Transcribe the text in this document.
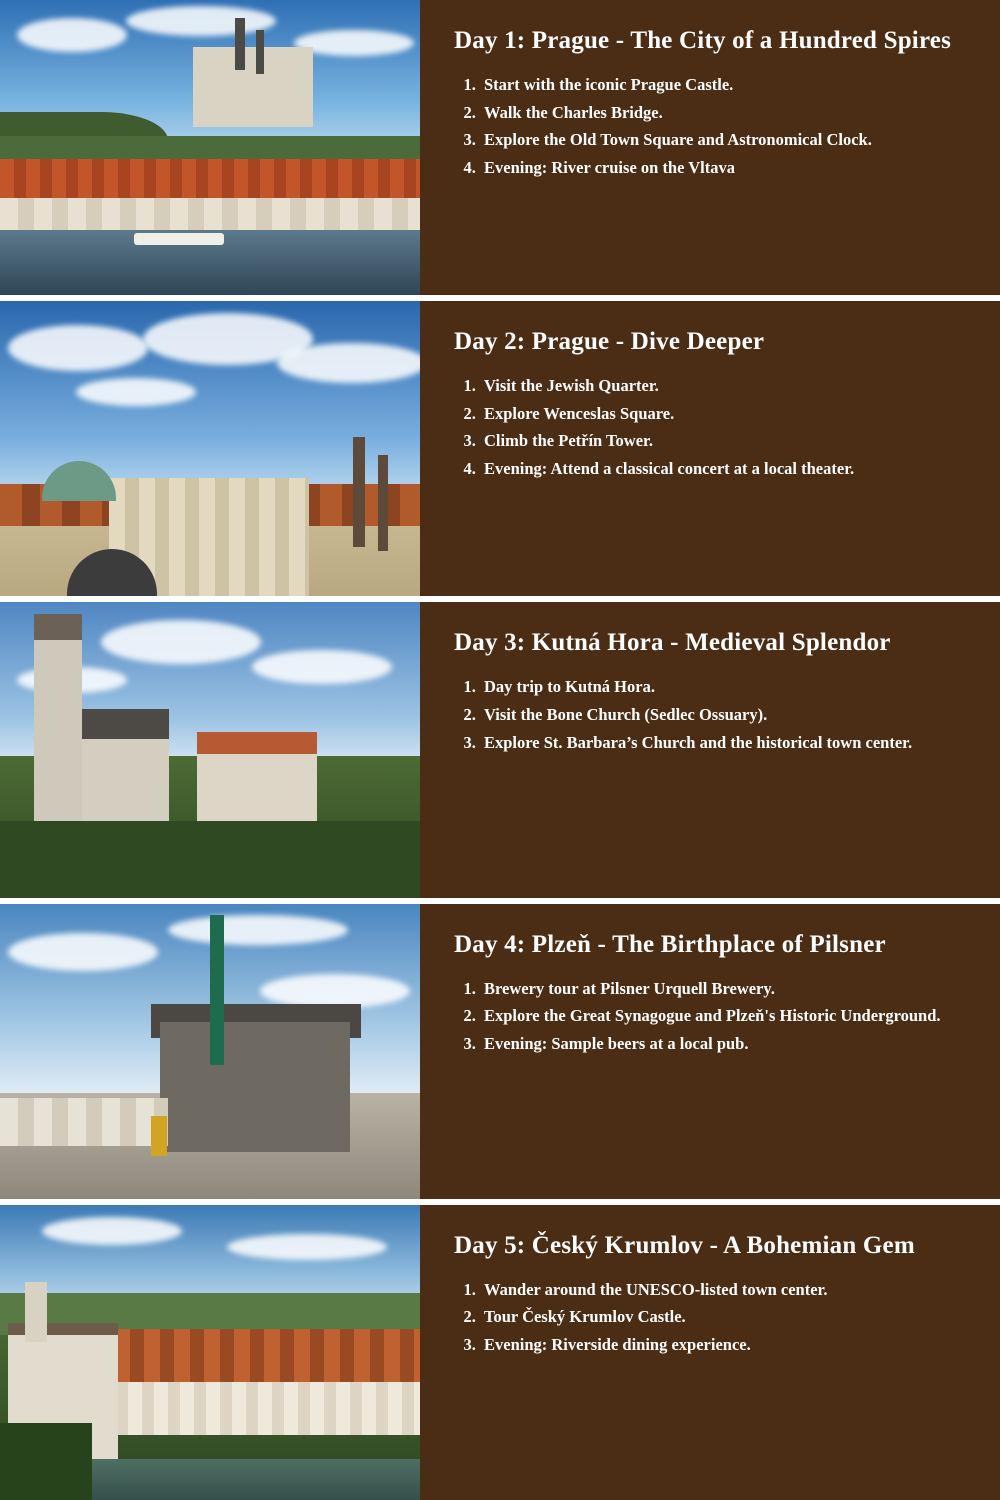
Day 1: Prague - The City of a Hundred Spires
1. Start with the iconic Prague Castle.
2. Walk the Charles Bridge.
3. Explore the Old Town Square and Astronomical Clock.
4. Evening: River cruise on the Vltava
Day 2: Prague - Dive Deeper
1. Visit the Jewish Quarter.
2. Explore Wenceslas Square.
3. Climb the Petřín Tower.
4. Evening: Attend a classical concert at a local theater.
Day 3: Kutná Hora - Medieval Splendor
1. Day trip to Kutná Hora.
2. Visit the Bone Church (Sedlec Ossuary).
3. Explore St. Barbara’s Church and the historical town center.
Day 4: Plzeň - The Birthplace of Pilsner
1. Brewery tour at Pilsner Urquell Brewery.
2. Explore the Great Synagogue and Plzeň's Historic Underground.
3. Evening: Sample beers at a local pub.
Day 5: Český Krumlov - A Bohemian Gem
1. Wander around the UNESCO-listed town center.
2. Tour Český Krumlov Castle.
3. Evening: Riverside dining experience.
